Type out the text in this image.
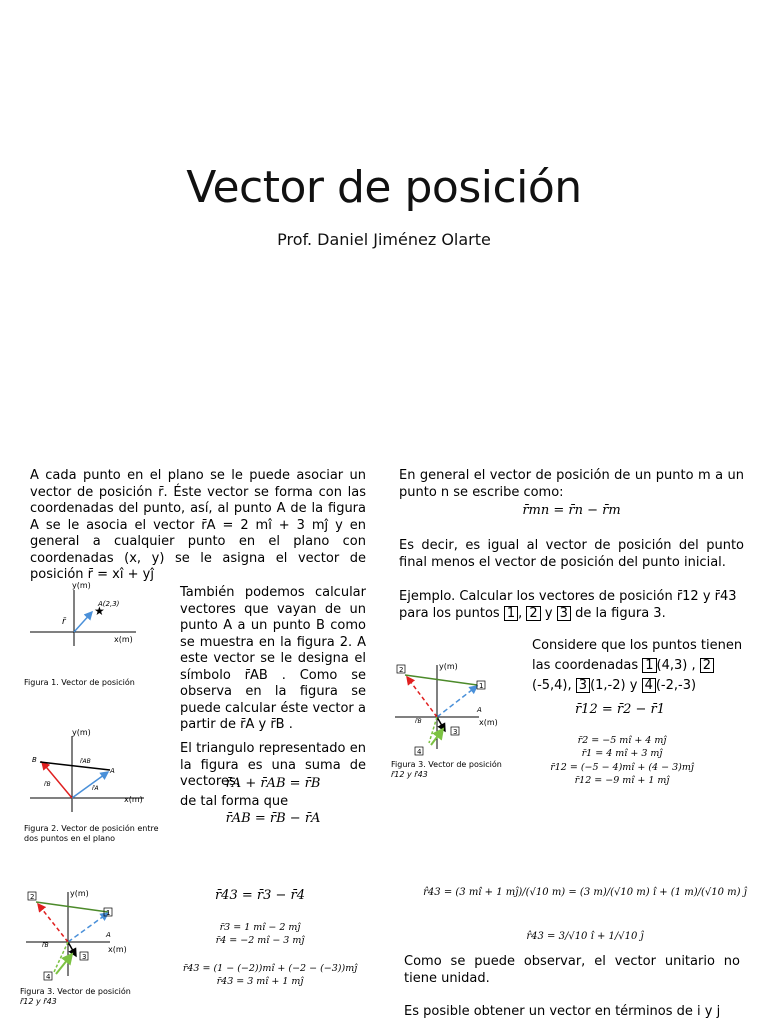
Vector de posición
Prof. Daniel Jiménez Olarte
A cada punto en el plano se le puede asociar un vector de posición r̄. Éste vector se forma con las coordenadas del punto, así, al punto A de la figura A se le asocia el vector r̄A = 2 mî + 3 mĵ y en general a cualquier punto en el plano con coordenadas (x, y) se le asigna el vector de posición r̄ = xî + yĵ
★
y(m)
x(m)
A(2,3)
r̄
Figura 1. Vector de posición
También podemos calcular vectores que vayan de un punto A a un punto B como se muestra en la figura 2. A este vector se le designa el símbolo r̄AB . Como se observa en la figura se puede calcular éste vector a partir de r̄A y r̄B .
El triangulo representado en la figura es una suma de vectores.
r̄A + r̄AB = r̄B
de tal forma que
r̄AB = r̄B − r̄A
y(m)
x(m)
B
A
r̄AB
r̄A
r̄B
Figura 2. Vector de posición entre dos puntos en el plano
En general el vector de posición de un punto m a un punto n se escribe como:
r̄mn = r̄n − r̄m
Es decir, es igual al vector de posición del punto final menos el vector de posición del punto inicial.
Ejemplo. Calcular los vectores de posición r̄12 y r̄43 para los puntos 1 , 2 y 3 de la figura 3.
y(m)
x(m)
A
r̄B
2
1
3
4
Figura 3. Vector de posición
r̄12 y r̄43
Considere que los puntos tienen las coordenadas 1 (4,3) , 2(-5,4), 3 (1,-2) y 4 (-2,-3)
r̄12 = r̄2 − r̄1
r̄2 = −5 mî + 4 mĵ
r̄1 = 4 mî + 3 mĵ
r̄12 = (−5 − 4)mî + (4 − 3)mĵ
r̄12 = −9 mî + 1 mĵ
y(m)
x(m)
A
r̄B
2
1
3
4
Figura 3. Vector de posición
r̄12 y r̄43
r̄43 = r̄3 − r̄4
r̄3 = 1 mî − 2 mĵ
r̄4 = −2 mî − 3 mĵ
r̄43 = (1 − (−2))mî + (−2 − (−3))mĵ
r̄43 = 3 mî + 1 mĵ
r̂43 = (3 mî + 1 mĵ)/(√10 m) = (3 m)/(√10 m) î + (1 m)/(√10 m) ĵ
r̂43 = 3/√10 î + 1/√10 ĵ
Como se puede observar, el vector unitario no tiene unidad.
Es posible obtener un vector en términos de i y j
